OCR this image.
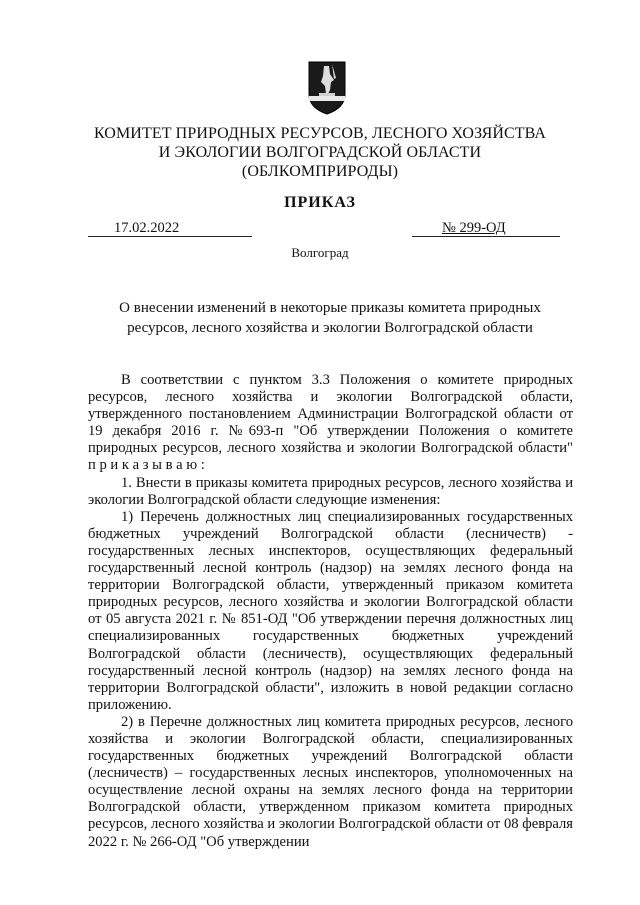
КОМИТЕТ ПРИРОДНЫХ РЕСУРСОВ, ЛЕСНОГО ХОЗЯЙСТВА
И ЭКОЛОГИИ ВОЛГОГРАДСКОЙ ОБЛАСТИ
(ОБЛКОМПРИРОДЫ)
ПРИКАЗ
17.02.2022	№ 299-ОД
Волгоград
О внесении изменений в некоторые приказы комитета природных
ресурсов, лесного хозяйства и экологии Волгоградской области

В соответствии с пунктом 3.3 Положения о комитете природных ресурсов, лесного хозяйства и экологии Волгоградской области, утвержденного постановлением Администрации Волгоградской области от 19 декабря 2016 г. №693-п "Об утверждении Положения о комитете природных ресурсов, лесного хозяйства и экологии Волгоградской области" п р и к а з ы в а ю :

1. Внести в приказы комитета природных ресурсов, лесного хозяйства и экологии Волгоградской области следующие изменения:

1) Перечень должностных лиц специализированных государственных бюджетных учреждений Волгоградской области (лесничеств) - государственных лесных инспекторов, осуществляющих федеральный государственный лесной контроль (надзор) на землях лесного фонда на территории Волгоградской области, утвержденный приказом комитета природных ресурсов, лесного хозяйства и экологии Волгоградской области от 05 августа 2021 г. № 851-ОД "Об утверждении перечня должностных лиц специализированных государственных бюджетных учреждений Волгоградской области (лесничеств), осуществляющих федеральный государственный лесной контроль (надзор) на землях лесного фонда на территории Волгоградской области", изложить в новой редакции согласно приложению.

2) в Перечне должностных лиц комитета природных ресурсов, лесного хозяйства и экологии Волгоградской области, специализированных государственных бюджетных учреждений Волгоградской области (лесничеств) – государственных лесных инспекторов, уполномоченных на осуществление лесной охраны на землях лесного фонда на территории Волгоградской области, утвержденном приказом комитета природных ресурсов, лесного хозяйства и экологии Волгоградской области от 08 февраля 2022 г. № 266-ОД "Об утверждении
